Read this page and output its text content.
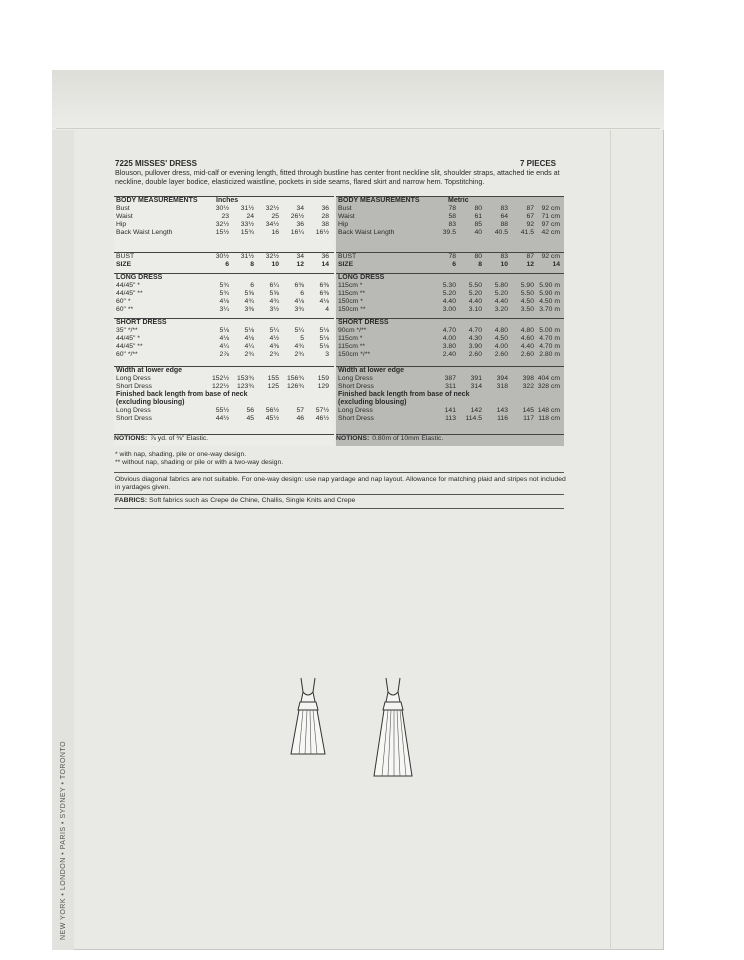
NEW YORK • LONDON • PARIS • SYDNEY • TORONTO
7225 MISSES' DRESS	7 PIECES
Blouson, pullover dress, mid-calf or evening length, fitted through bustline has center front neckline slit, shoulder straps, attached tie ends at neckline, double layer bodice, elasticized waistline, pockets in side seams, flared skirt and narrow hem. Topstitching.
BODY MEASUREMENTS	Inches
Bust	30½	31½	32½	34	36
Waist	23	24	25	26½	28
Hip	32½	33½	34½	36	38
Back Waist Length	15½	15¾	16	16¼	16½
BUST	30½	31½	32½	34	36
SIZE	6	8	10	12	14
LONG DRESS
44/45" *	5¾	6	6¼	6⅜	6⅜
44/45" **	5¾	5⅝	5⅝	6	6⅜
60" *	4⅛	4¾	4¾	4⅛	4⅛
60" **	3¼	3⅜	3½	3¾	4
SHORT DRESS
35" */**	5⅛	5⅛	5¼	5¼	5⅛
44/45" *	4⅛	4⅛	4½	5	5⅛
44/45" **	4¼	4¼	4⅜	4¾	5⅛
60" */**	2⅞	2¾	2¾	2¾	3
Width at lower edge
Long Dress	152½	153¾	155	156¾	159
Short Dress	122½	123¾	125	126¾	129
Finished back length from base of neck
(excluding blousing)
Long Dress	55½	56	56½	57	57½
Short Dress	44½	45	45½	46	46½
NOTIONS: ⅞ yd. of ⅜" Elastic.
BODY MEASUREMENTS	Metric
Bust	78	80	83	87	92 cm
Waist	58	61	64	67	71 cm
Hip	83	85	88	92	97 cm
Back Waist Length	39.5	40	40.5	41.5	42 cm
BUST	78	80	83	87	92 cm
SIZE	6	8	10	12	14
LONG DRESS
115cm *	5.30	5.50	5.80	5.90 5.90 m
115cm **	5.20	5.20	5.20	5.50 5.90 m
150cm *	4.40	4.40	4.40	4.50 4.50 m
150cm **	3.00	3.10	3.20	3.50 3.70 m
SHORT DRESS
90cm */**	4.70	4.70	4.80	4.80 5.00 m
115cm *	4.00	4.30	4.50	4.60 4.70 m
115cm **	3.80	3.90	4.00	4.40 4.70 m
150cm */**	2.40	2.60	2.60	2.60 2.80 m
Width at lower edge
Long Dress	387	391	394	398 404 cm
Short Dress	311	314	318	322 328 cm
Finished back length from base of neck
(excluding blousing)
Long Dress	141	142	143	145 148 cm
Short Dress	113	114.5	116	117 118 cm
NOTIONS: 0.80m of 10mm Elastic.
* with nap, shading, pile or one-way design.
** without nap, shading or pile or with a two-way design.
Obvious diagonal fabrics are not suitable. For one-way design: use nap yardage and nap layout. Allowance for matching plaid and stripes not included in yardages given.
FABRICS: Soft fabrics such as Crepe de Chine, Challis, Single Knits and Crepe
